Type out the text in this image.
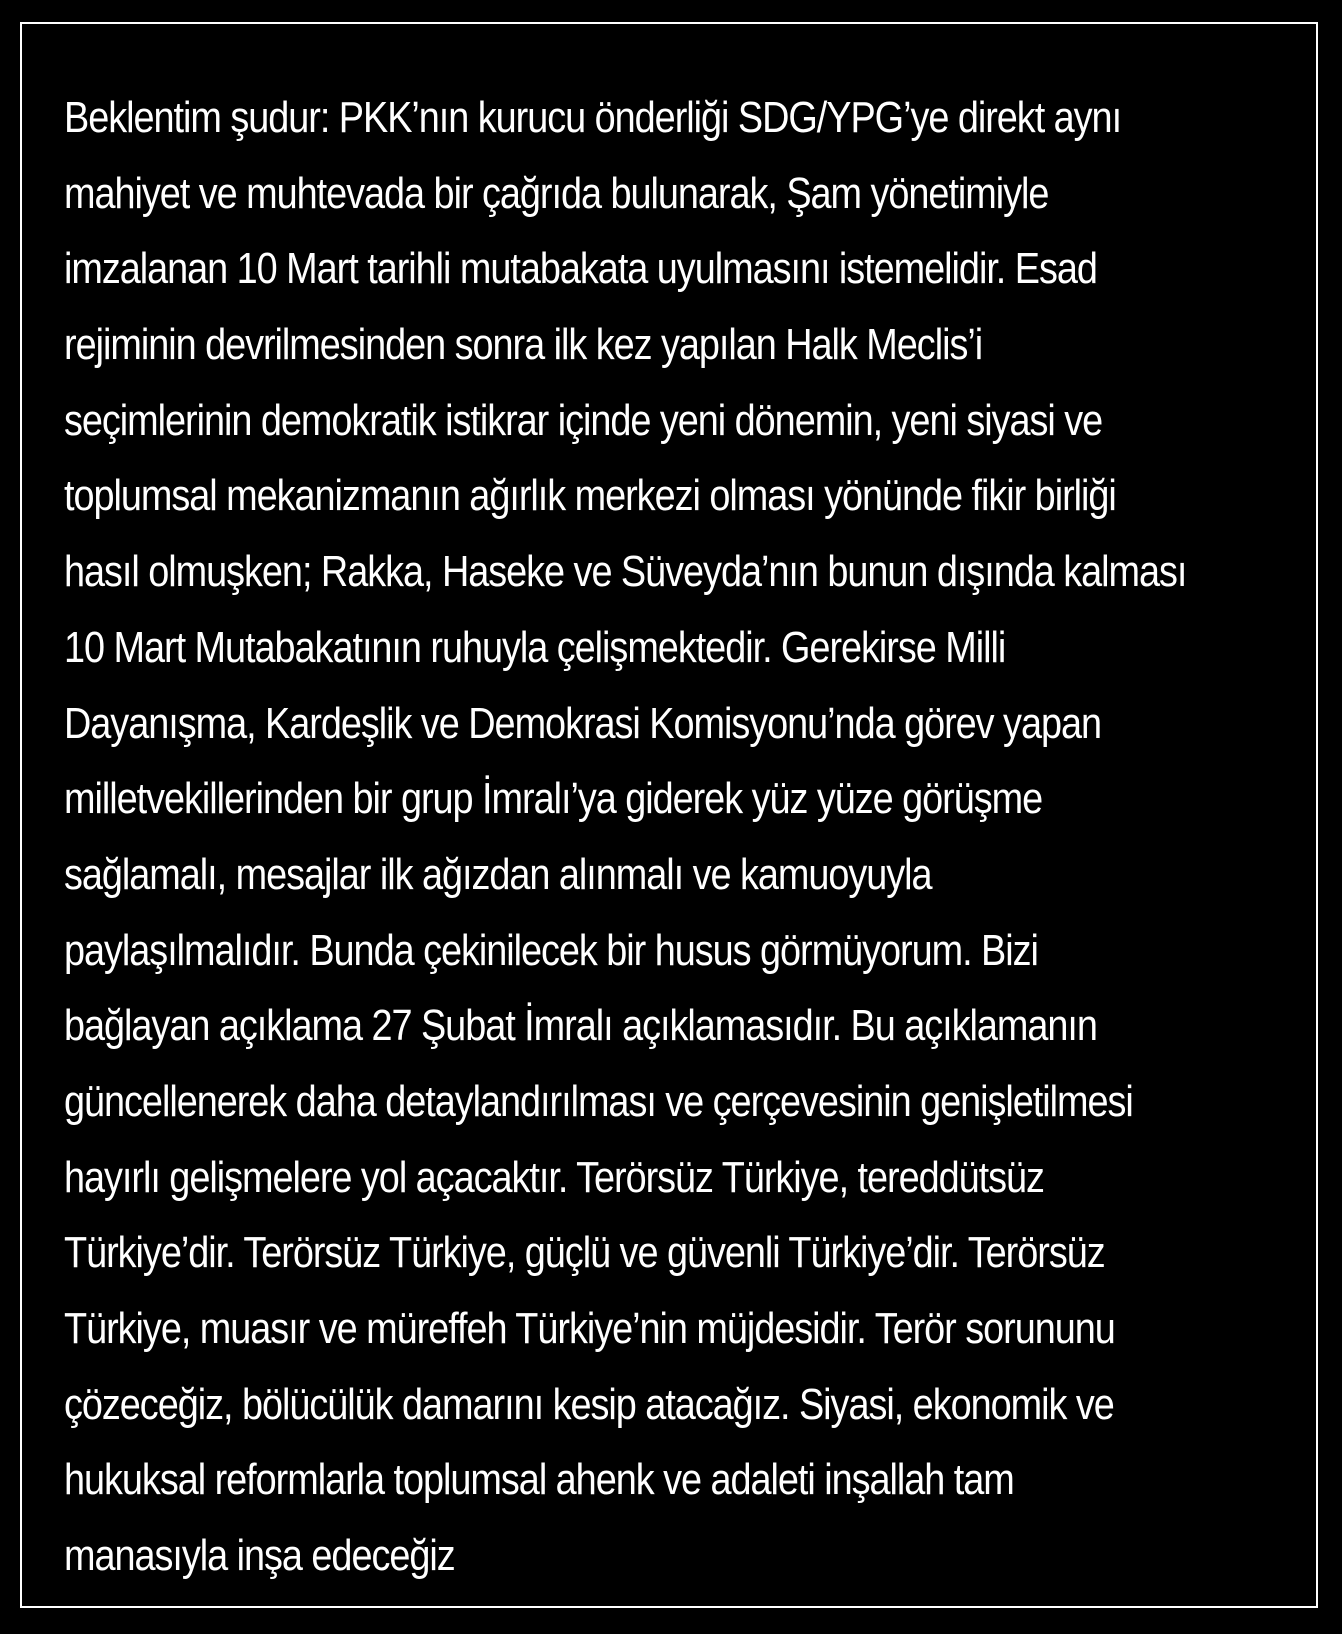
Beklentim şudur: PKK’nın kurucu önderliği SDG/YPG’ye direkt aynı
mahiyet ve muhtevada bir çağrıda bulunarak, Şam yönetimiyle
imzalanan 10 Mart tarihli mutabakata uyulmasını istemelidir. Esad
rejiminin devrilmesinden sonra ilk kez yapılan Halk Meclis’i
seçimlerinin demokratik istikrar içinde yeni dönemin, yeni siyasi ve
toplumsal mekanizmanın ağırlık merkezi olması yönünde fikir birliği
hasıl olmuşken; Rakka, Haseke ve Süveyda’nın bunun dışında kalması
10 Mart Mutabakatının ruhuyla çelişmektedir. Gerekirse Milli
Dayanışma, Kardeşlik ve Demokrasi Komisyonu’nda görev yapan
milletvekillerinden bir grup İmralı’ya giderek yüz yüze görüşme
sağlamalı, mesajlar ilk ağızdan alınmalı ve kamuoyuyla
paylaşılmalıdır. Bunda çekinilecek bir husus görmüyorum. Bizi
bağlayan açıklama 27 Şubat İmralı açıklamasıdır. Bu açıklamanın
güncellenerek daha detaylandırılması ve çerçevesinin genişletilmesi
hayırlı gelişmelere yol açacaktır. Terörsüz Türkiye, tereddütsüz
Türkiye’dir. Terörsüz Türkiye, güçlü ve güvenli Türkiye’dir. Terörsüz
Türkiye, muasır ve müreffeh Türkiye’nin müjdesidir. Terör sorununu
çözeceğiz, bölücülük damarını kesip atacağız. Siyasi, ekonomik ve
hukuksal reformlarla toplumsal ahenk ve adaleti inşallah tam
manasıyla inşa edeceğiz
